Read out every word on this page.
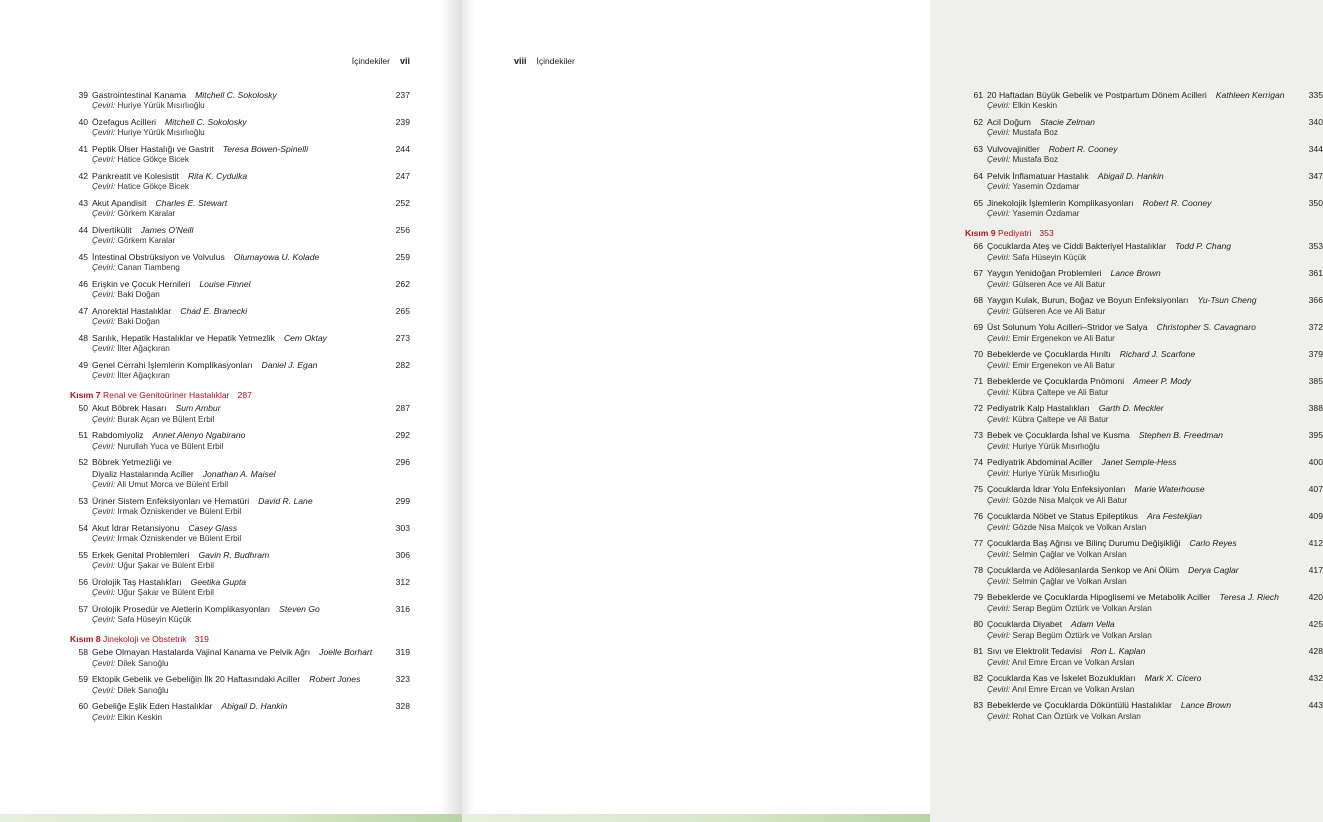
İçindekiler vii
39 Gastrointestinal Kanama Mitchell C. Sokolosky
Çeviri: Huriye Yürük Mısırlıoğlu
237
40 Özefagus Acilleri Mitchell C. Sokolosky
Çeviri: Huriye Yürük Mısırlıoğlu
239
41 Peptik Ülser Hastalığı ve Gastrit Teresa Bowen-Spinelli
Çeviri: Hatice Gökçe Bicek
244
42 Pankreatit ve Kolesistit Rita K. Cydulka
Çeviri: Hatice Gökçe Bicek
247
43 Akut Apandisit Charles E. Stewart
Çeviri: Görkem Karalar
252
44 Divertikülit James O'Neill
Çeviri: Görkem Karalar
256
45 İntestinal Obstrüksiyon ve Volvulus Olumayowa U. Kolade
Çeviri: Canan Tiambeng
259
46 Erişkin ve Çocuk Hernileri Louise Finnel
Çeviri: Baki Doğan
262
47 Anorektal Hastalıklar Chad E. Branecki
Çeviri: Baki Doğan
265
48 Sarılık, Hepatik Hastalıklar ve Hepatik Yetmezlik Cem Oktay
Çeviri: İlter Ağaçkıran
273
49 Genel Cerrahi İşlemlerin Komplikasyonları Daniel J. Egan
Çeviri: İlter Ağaçkıran
282
Kısım 7 Renal ve Genitoüriner Hastalıklar 287
50 Akut Böbrek Hasarı Sum Ambur
Çeviri: Burak Açan ve Bülent Erbil
287
51 Rabdomiyoliz Annet Alenyo Ngabirano
Çeviri: Nurullah Yuca ve Bülent Erbil
292
52 Böbrek Yetmezliği ve
Diyaliz Hastalarında Aciller Jonathan A. Maisel
Çeviri: Ali Umut Morca ve Bülent Erbil
296
53 Üriner Sistem Enfeksiyonları ve Hematüri David R. Lane
Çeviri: Irmak Özniskender ve Bülent Erbil
299
54 Akut İdrar Retansiyonu Casey Glass
Çeviri: Irmak Özniskender ve Bülent Erbil
303
55 Erkek Genital Problemleri Gavin R. Budhram
Çeviri: Uğur Şakar ve Bülent Erbil
306
56 Ürolojik Taş Hastalıkları Geetika Gupta
Çeviri: Uğur Şakar ve Bülent Erbil
312
57 Ürolojik Prosedür ve Aletlerin Komplikasyonları Steven Go
Çeviri: Safa Hüseyin Küçük
316
Kısım 8 Jinekoloji ve Obstetrik 319
58 Gebe Olmayan Hastalarda Vajinal Kanama ve Pelvik Ağrı Joelle Borhart
Çeviri: Dilek Sarıoğlu
319
59 Ektopik Gebelik ve Gebeliğin İlk 20 Haftasındaki Aciller Robert Jones
Çeviri: Dilek Sarıoğlu
323
60 Gebeliğe Eşlik Eden Hastalıklar Abigail D. Hankin
Çeviri: Elkin Keskin
328
viii İçindekiler
61 20 Haftadan Büyük Gebelik ve Postpartum Dönem Acilleri Kathleen Kerrigan
Çeviri: Elkin Keskin
335
62 Acil Doğum Stacie Zelman
Çeviri: Mustafa Boz
340
63 Vulvovajinitler Robert R. Cooney
Çeviri: Mustafa Boz
344
64 Pelvik İnflamatuar Hastalık Abigail D. Hankin
Çeviri: Yasemin Özdamar
347
65 Jinekolojik İşlemlerin Komplikasyonları Robert R. Cooney
Çeviri: Yasemin Özdamar
350
Kısım 9 Pediyatri 353
66 Çocuklarda Ateş ve Ciddi Bakteriyel Hastalıklar Todd P. Chang
Çeviri: Safa Hüseyin Küçük
353
67 Yaygın Yenidoğan Problemleri Lance Brown
Çeviri: Gülseren Ace ve Ali Batur
361
68 Yaygın Kulak, Burun, Boğaz ve Boyun Enfeksiyonları Yu-Tsun Cheng
Çeviri: Gülseren Ace ve Ali Batur
366
69 Üst Solunum Yolu Acilleri–Stridor ve Salya Christopher S. Cavagnaro
Çeviri: Emir Ergenekon ve Ali Batur
372
70 Bebeklerde ve Çocuklarda Hırıltı Richard J. Scarfone
Çeviri: Emir Ergenekon ve Ali Batur
379
71 Bebeklerde ve Çocuklarda Pnömoni Ameer P. Mody
Çeviri: Kübra Çaltepe ve Ali Batur
385
72 Pediyatrik Kalp Hastalıkları Garth D. Meckler
Çeviri: Kübra Çaltepe ve Ali Batur
388
73 Bebek ve Çocuklarda İshal ve Kusma Stephen B. Freedman
Çeviri: Huriye Yürük Mısırlıoğlu
395
74 Pediyatrik Abdominal Aciller Janet Semple-Hess
Çeviri: Huriye Yürük Mısırlıoğlu
400
75 Çocuklarda İdrar Yolu Enfeksiyonları Marie Waterhouse
Çeviri: Gözde Nisa Malçok ve Ali Batur
407
76 Çocuklarda Nöbet ve Status Epileptikus Ara Festekjian
Çeviri: Gözde Nisa Malçok ve Volkan Arslan
409
77 Çocuklarda Baş Ağrısı ve Bilinç Durumu Değişikliği Carlo Reyes
Çeviri: Selmin Çağlar ve Volkan Arslan
412
78 Çocuklarda ve Adölesanlarda Senkop ve Ani Ölüm Derya Caglar
Çeviri: Selmin Çağlar ve Volkan Arslan
417
79 Bebeklerde ve Çocuklarda Hipoglisemi ve Metabolik Aciller Teresa J. Riech
Çeviri: Serap Begüm Öztürk ve Volkan Arslan
420
80 Çocuklarda Diyabet Adam Vella
Çeviri: Serap Begüm Öztürk ve Volkan Arslan
425
81 Sıvı ve Elektrolit Tedavisi Ron L. Kaplan
Çeviri: Anıl Emre Ercan ve Volkan Arslan
428
82 Çocuklarda Kas ve İskelet Bozuklukları Mark X. Cicero
Çeviri: Anıl Emre Ercan ve Volkan Arslan
432
83 Bebeklerde ve Çocuklarda Döküntülü Hastalıklar Lance Brown
Çeviri: Rohat Can Öztürk ve Volkan Arslan
443
